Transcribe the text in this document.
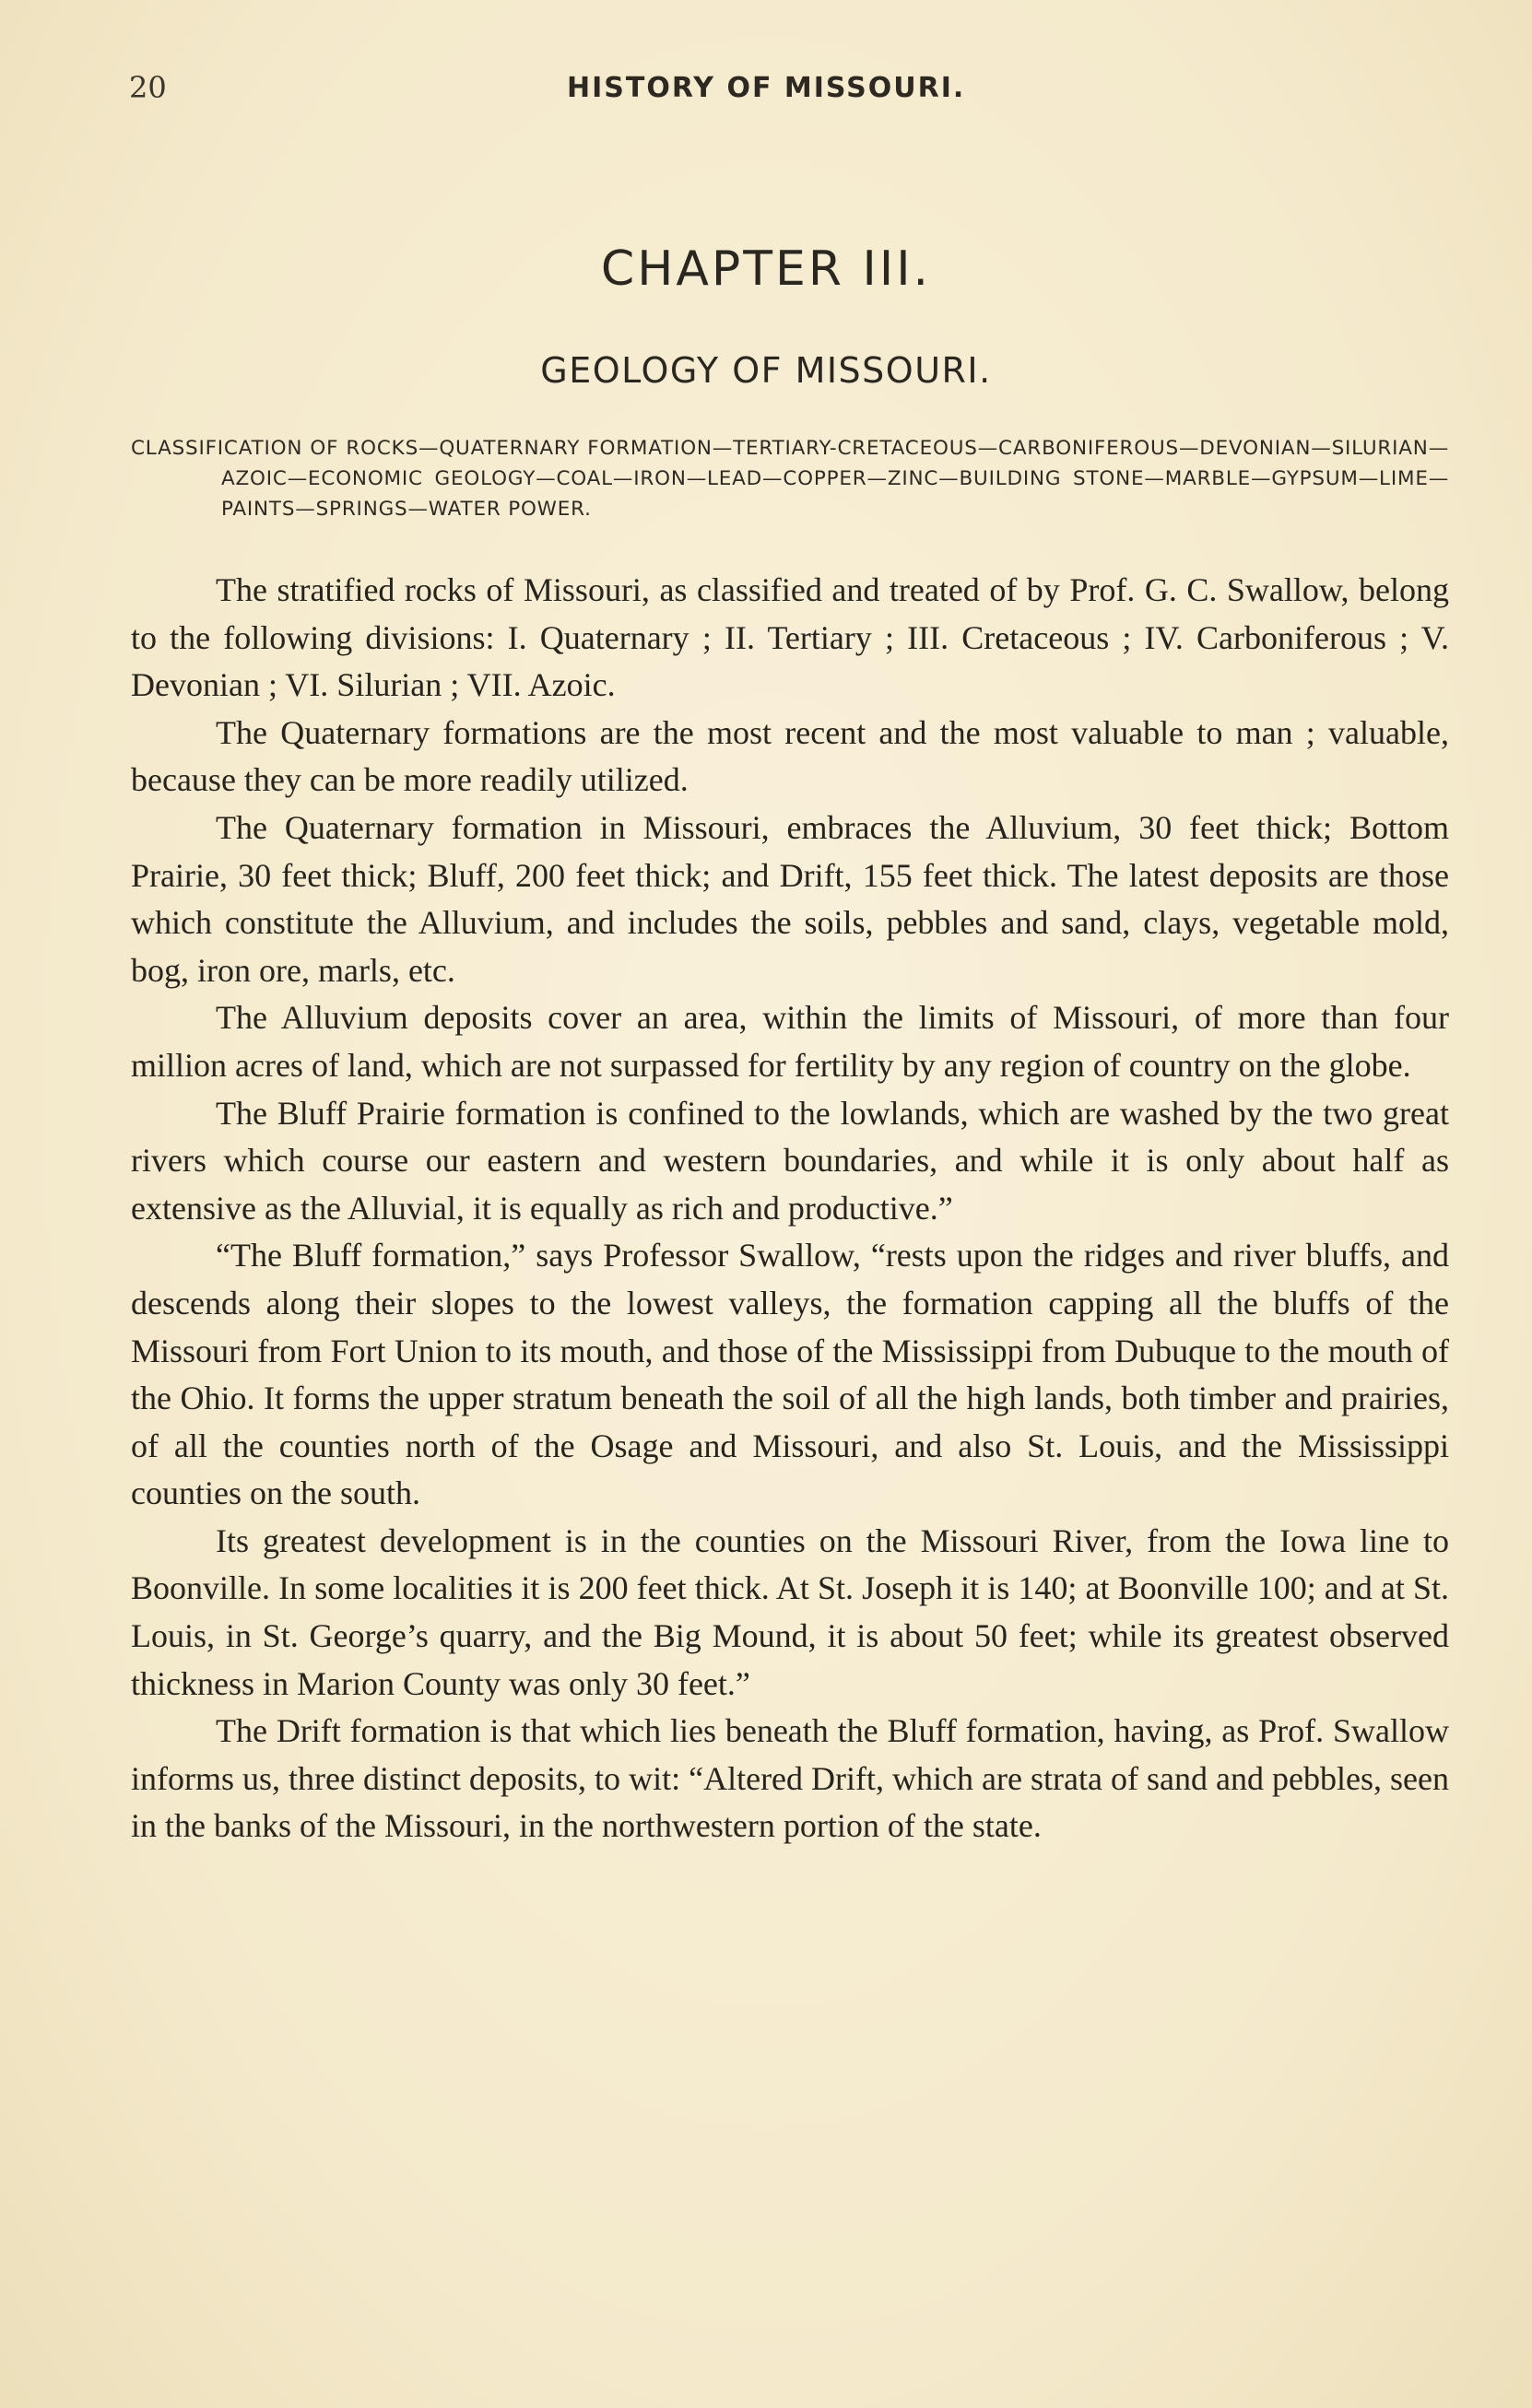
20	HISTORY OF MISSOURI.
CHAPTER III.
GEOLOGY OF MISSOURI.
CLASSIFICATION OF ROCKS—QUATERNARY FORMATION—TERTIARY-CRETACEOUS—CARBONIFEROUS—DEVONIAN—SILURIAN—AZOIC—ECONOMIC GEOLOGY—COAL—IRON—LEAD—COPPER—ZINC—BUILDING STONE—MARBLE—GYPSUM—LIME—PAINTS—SPRINGS—WATER POWER.

The stratified rocks of Missouri, as classified and treated of by Prof. G. C. Swallow, belong to the following divisions: I. Quaternary ; II. Tertiary ; III. Cretaceous ; IV. Carboniferous ; V. Devonian ; VI. Silurian ; VII. Azoic.

The Quaternary formations are the most recent and the most valuable to man ; valuable, because they can be more readily utilized.

The Quaternary formation in Missouri, embraces the Alluvium, 30 feet thick; Bottom Prairie, 30 feet thick; Bluff, 200 feet thick; and Drift, 155 feet thick. The latest deposits are those which constitute the Alluvium, and includes the soils, pebbles and sand, clays, vegetable mold, bog, iron ore, marls, etc.

The Alluvium deposits cover an area, within the limits of Missouri, of more than four million acres of land, which are not surpassed for fertility by any region of country on the globe.

The Bluff Prairie formation is confined to the lowlands, which are washed by the two great rivers which course our eastern and western boundaries, and while it is only about half as extensive as the Alluvial, it is equally as rich and productive.”

“The Bluff formation,” says Professor Swallow, “rests upon the ridges and river bluffs, and descends along their slopes to the lowest valleys, the formation capping all the bluffs of the Missouri from Fort Union to its mouth, and those of the Mississippi from Dubuque to the mouth of the Ohio. It forms the upper stratum beneath the soil of all the high lands, both timber and prairies, of all the counties north of the Osage and Missouri, and also St. Louis, and the Mississippi counties on the south.

Its greatest development is in the counties on the Missouri River, from the Iowa line to Boonville. In some localities it is 200 feet thick. At St. Joseph it is 140; at Boonville 100; and at St. Louis, in St. George’s quarry, and the Big Mound, it is about 50 feet; while its greatest observed thickness in Marion County was only 30 feet.”

The Drift formation is that which lies beneath the Bluff formation, having, as Prof. Swallow informs us, three distinct deposits, to wit: “Altered Drift, which are strata of sand and pebbles, seen in the banks of the Missouri, in the northwestern portion of the state.
